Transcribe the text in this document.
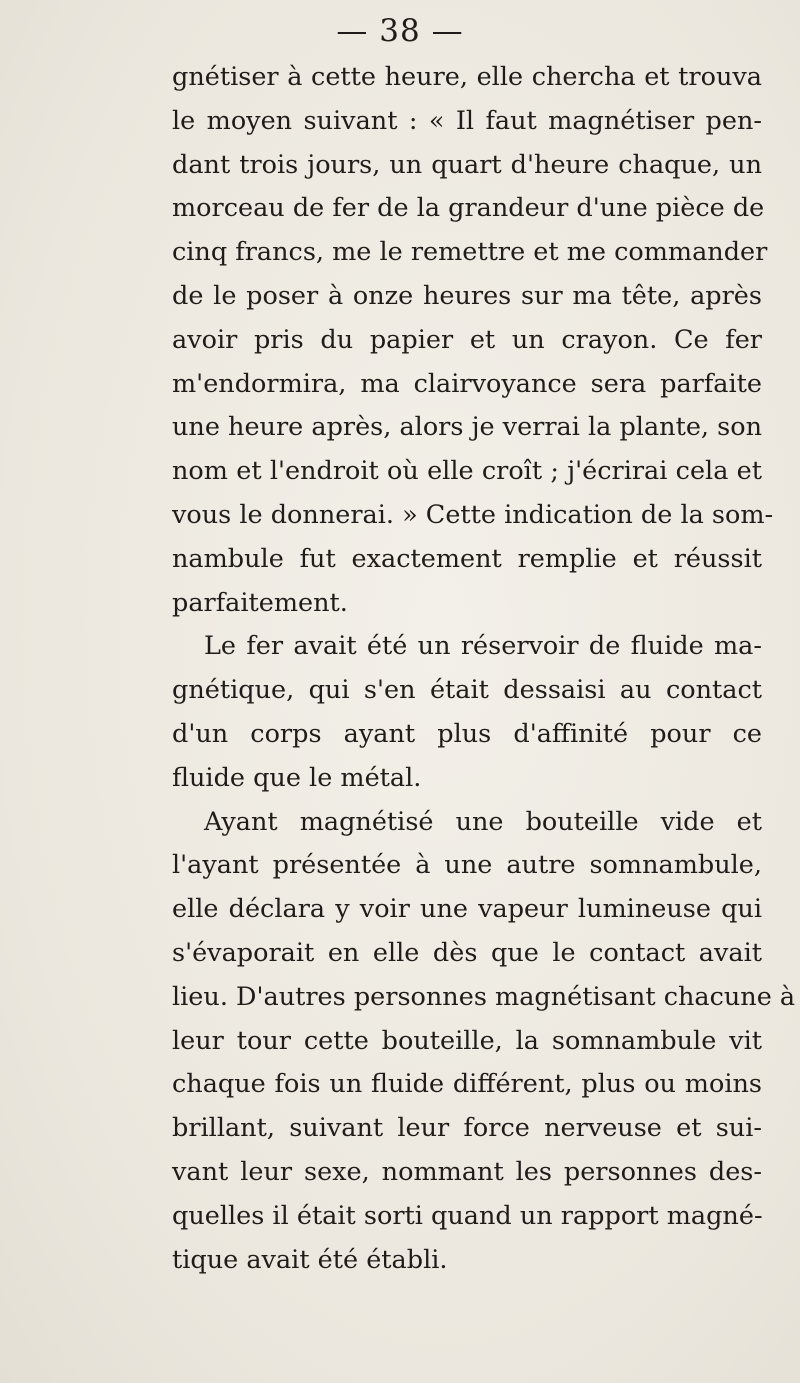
— 38 —
gnétiser à cette heure, elle chercha et trouva
le moyen suivant : « Il faut magnétiser pen-
dant trois jours, un quart d'heure chaque, un
morceau de fer de la grandeur d'une pièce de
cinq francs, me le remettre et me commander
de le poser à onze heures sur ma tête, après
avoir pris du papier et un crayon. Ce fer
m'endormira, ma clairvoyance sera parfaite
une heure après, alors je verrai la plante, son
nom et l'endroit où elle croît ; j'écrirai cela et
vous le donnerai. » Cette indication de la som-
nambule fut exactement remplie et réussit
parfaitement.
Le fer avait été un réservoir de fluide ma-
gnétique, qui s'en était dessaisi au contact
d'un corps ayant plus d'affinité pour ce
fluide que le métal.
Ayant magnétisé une bouteille vide et
l'ayant présentée à une autre somnambule,
elle déclara y voir une vapeur lumineuse qui
s'évaporait en elle dès que le contact avait
lieu. D'autres personnes magnétisant chacune à
leur tour cette bouteille, la somnambule vit
chaque fois un fluide différent, plus ou moins
brillant, suivant leur force nerveuse et sui-
vant leur sexe, nommant les personnes des-
quelles il était sorti quand un rapport magné-
tique avait été établi.
